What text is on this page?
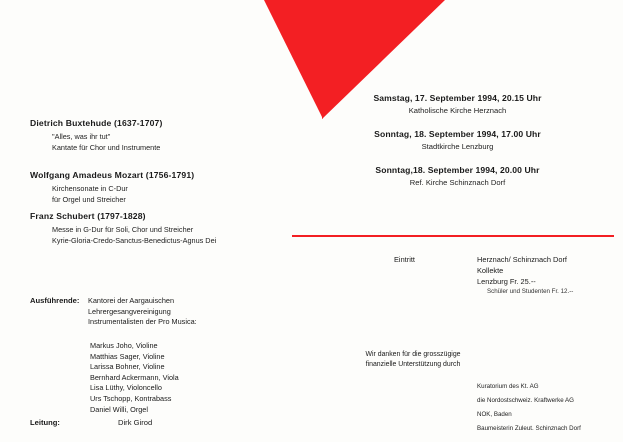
Dietrich Buxtehude (1637-1707)

"Alles, was ihr tut"

Kantate für Chor und Instrumente

Wolfgang Amadeus Mozart (1756-1791)

Kirchensonate in C-Dur

für Orgel und Streicher

Franz Schubert (1797-1828)

Messe in G-Dur für Soli, Chor und Streicher

Kyrie-Gloria-Credo-Sanctus-Benedictus-Agnus Dei

Ausführende: Kantorei der Aargauischen
Lehrergesangvereinigung
Instrumentalisten der Pro Musica:
Markus Joho, Violine
Matthias Sager, Violine
Larissa Bohner, Violine
Bernhard Ackermann, Viola
Lisa Lüthy, Violoncello
Urs Tschopp, Kontrabass
Daniel Willi, Orgel
Leitung:	Dirk Girod

Samstag, 17. September 1994, 20.15 Uhr

Katholische Kirche Herznach

Sonntag, 18. September 1994, 17.00 Uhr

Stadtkirche Lenzburg

Sonntag,18. September 1994, 20.00 Uhr

Ref. Kirche Schinznach Dorf

Eintritt	Herznach/ Schinznach Dorf
Kollekte
Lenzburg Fr. 25.--
Schüler und Studenten Fr. 12.--
Wir danken für die grosszügige finanzielle Unterstützung durch
Kuratorium des Kt. AG
die Nordostschweiz. Kraftwerke AG
NOK, Baden
Baumeisterin Zuleut. Schinznach Dorf
